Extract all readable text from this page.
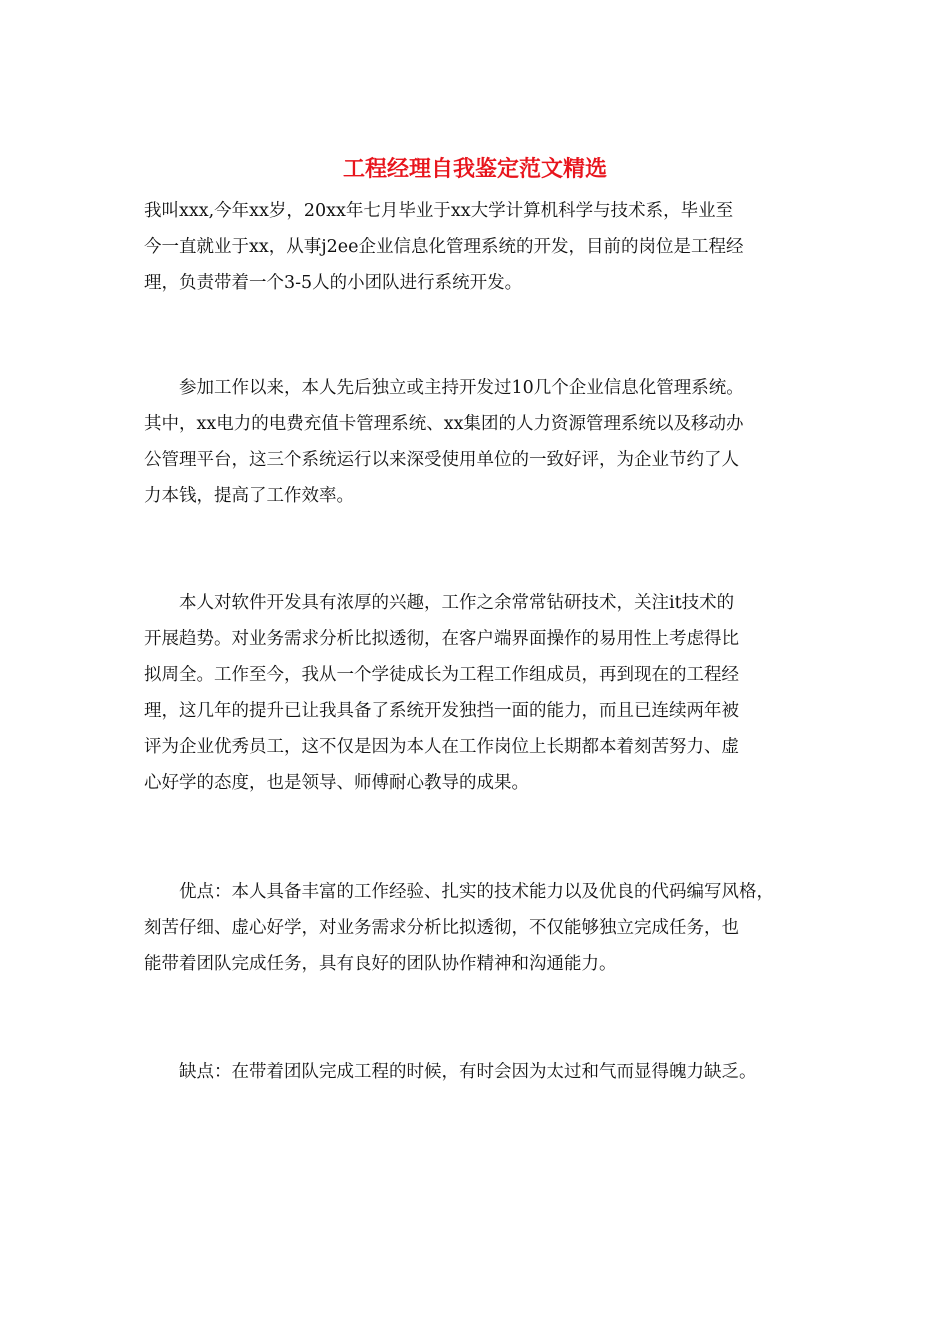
工程经理自我鉴定范文精选
我叫xxx,今年xx岁，20xx年七月毕业于xx大学计算机科学与技术系，毕业至
今一直就业于xx，从事j2ee企业信息化管理系统的开发，目前的岗位是工程经
理，负责带着一个3-5人的小团队进行系统开发。
　　参加工作以来，本人先后独立或主持开发过10几个企业信息化管理系统。
其中，xx电力的电费充值卡管理系统、xx集团的人力资源管理系统以及移动办
公管理平台，这三个系统运行以来深受使用单位的一致好评，为企业节约了人
力本钱，提高了工作效率。
　　本人对软件开发具有浓厚的兴趣，工作之余常常钻研技术，关注it技术的
开展趋势。对业务需求分析比拟透彻，在客户端界面操作的易用性上考虑得比
拟周全。工作至今，我从一个学徒成长为工程工作组成员，再到现在的工程经
理，这几年的提升已让我具备了系统开发独挡一面的能力，而且已连续两年被
评为企业优秀员工，这不仅是因为本人在工作岗位上长期都本着刻苦努力、虚
心好学的态度，也是领导、师傅耐心教导的成果。
　　优点：本人具备丰富的工作经验、扎实的技术能力以及优良的代码编写风格，
刻苦仔细、虚心好学，对业务需求分析比拟透彻，不仅能够独立完成任务，也
能带着团队完成任务，具有良好的团队协作精神和沟通能力。
　　缺点：在带着团队完成工程的时候，有时会因为太过和气而显得魄力缺乏。
